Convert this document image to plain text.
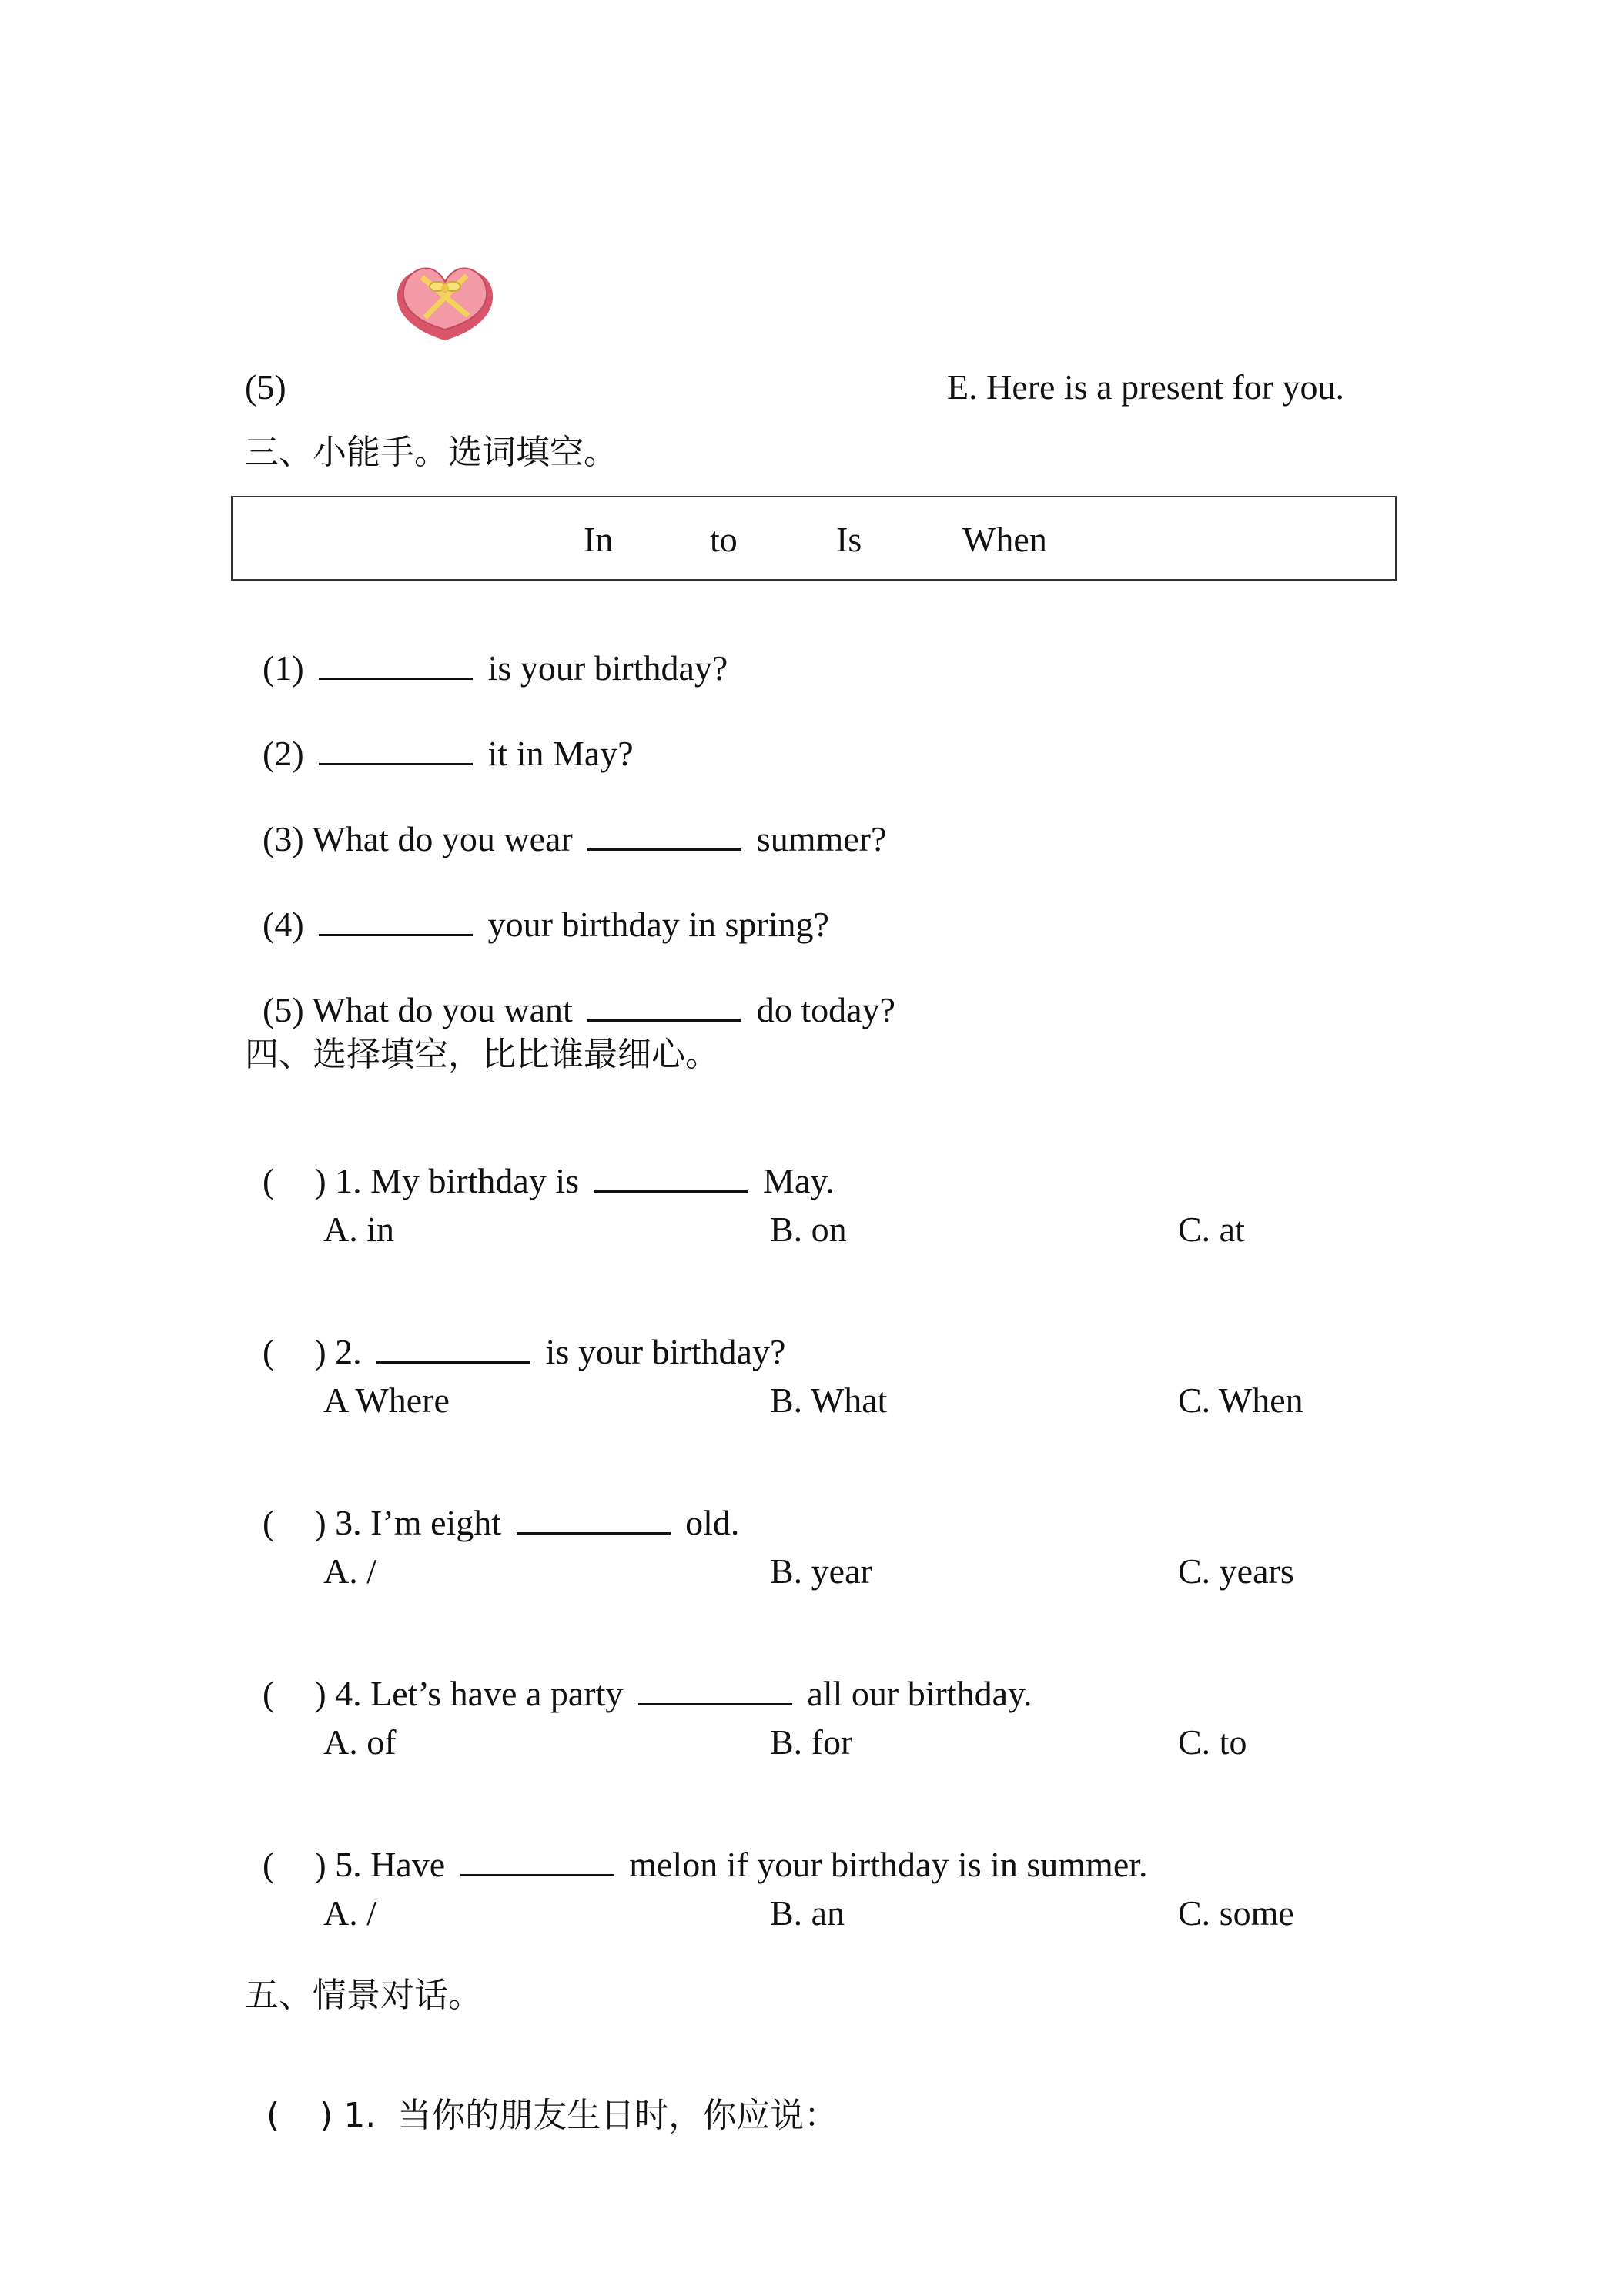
(5)	E. Here is a present for you.
三、小能手。选词填空。
In	to	Is	When

(1)	is your birthday?

(2)	it in May?

(3) What do you wear	summer?

(4)	your birthday in spring?

(5) What do you want	do today?

四、选择填空，比比谁最细心。

( ) 1. My birthday is	May.

A. in

	B. on

	C. at

( ) 2.	is your birthday?

A Where

	B. What

	C. When

( ) 3. I’m eight	old.

A. /

	B. year

	C. years

( ) 4. Let’s have a party	all our birthday.

A. of

	B. for

	C. to

( ) 5. Have	melon if your birthday is in summer.

A. /

	B. an

	C. some

五、情景对话。

( ) 1.  当你的朋友生日时，你应说：
